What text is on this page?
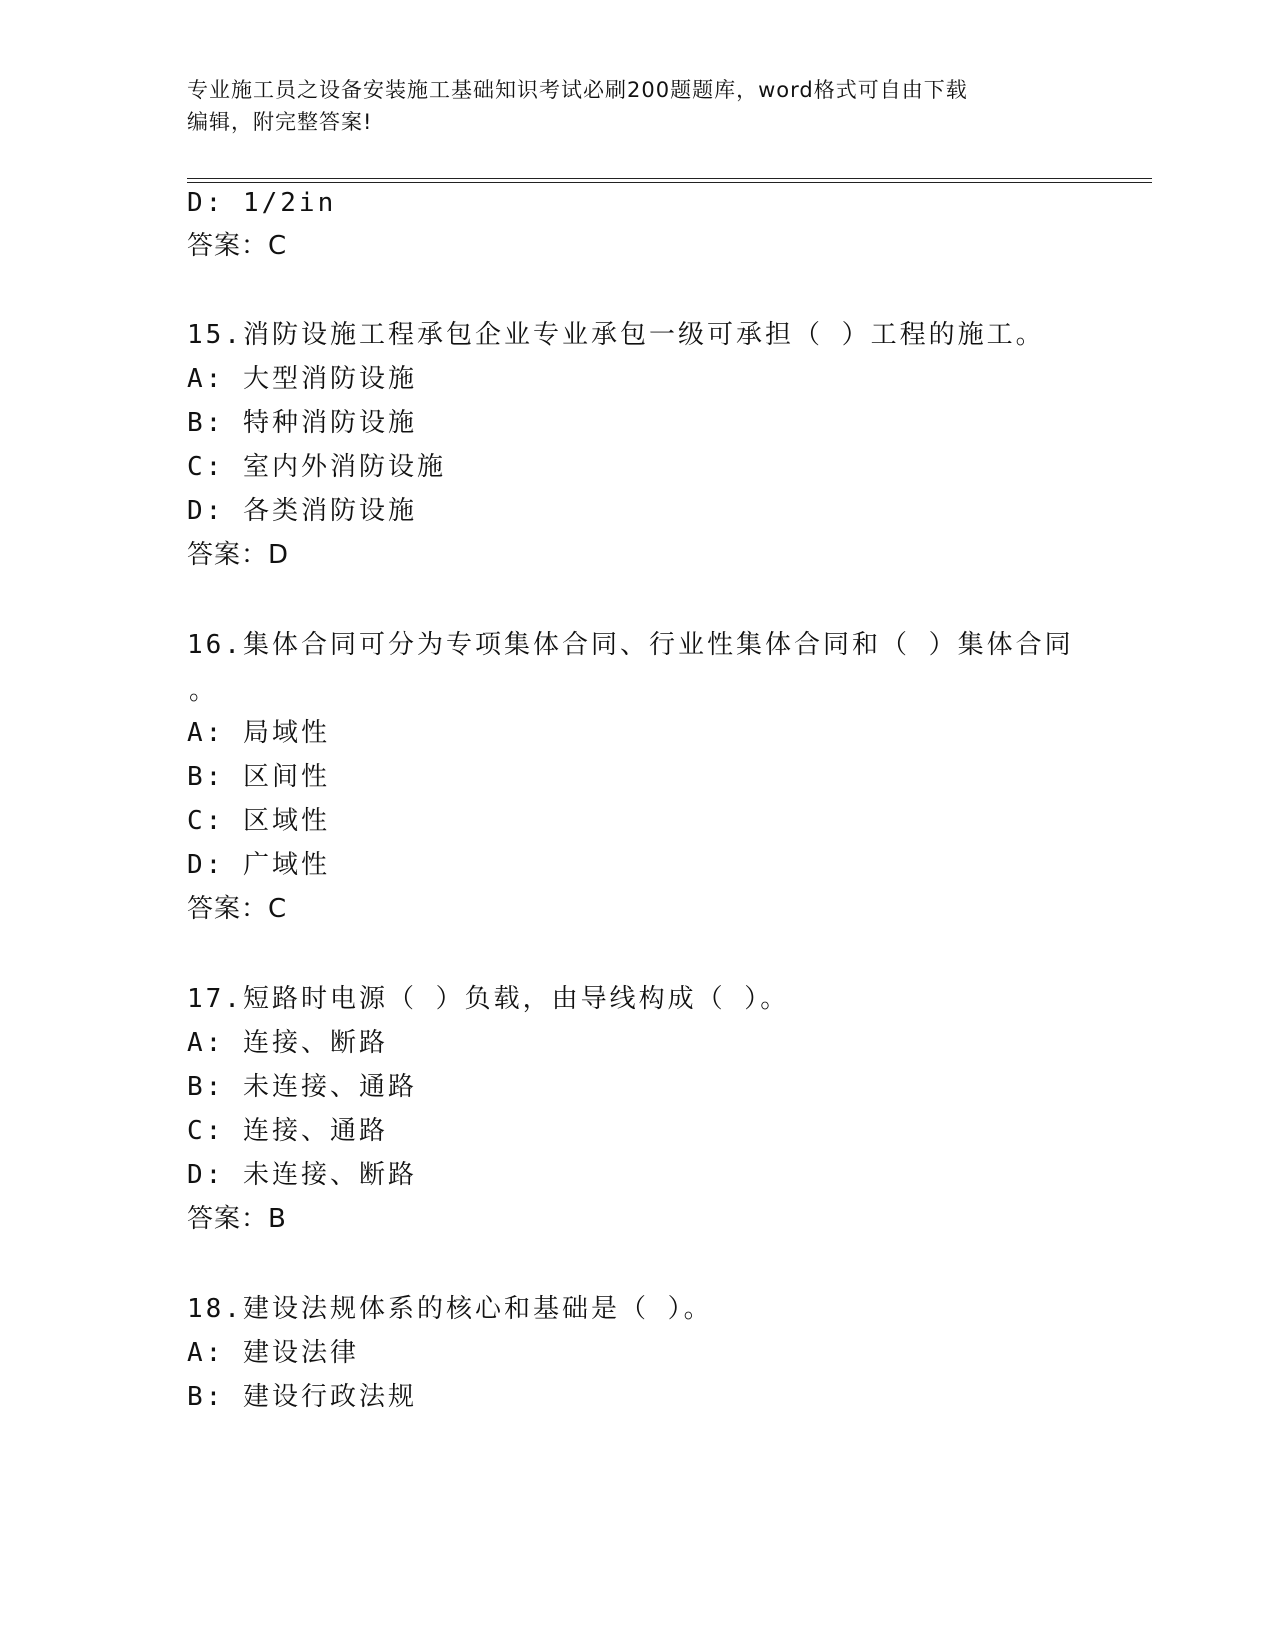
专业施工员之设备安装施工基础知识考试必刷200题题库，word格式可自由下载
编辑，附完整答案!
D: 1/2in
答案：C
15.消防设施工程承包企业专业承包一级可承担（ ）工程的施工。
A: 大型消防设施
B: 特种消防设施
C: 室内外消防设施
D: 各类消防设施
答案：D
16.集体合同可分为专项集体合同、行业性集体合同和（ ）集体合同
。
A: 局域性
B: 区间性
C: 区域性
D: 广域性
答案：C
17.短路时电源（ ）负载，由导线构成（ ）。
A: 连接、断路
B: 未连接、通路
C: 连接、通路
D: 未连接、断路
答案：B
18.建设法规体系的核心和基础是（ ）。
A: 建设法律
B: 建设行政法规
